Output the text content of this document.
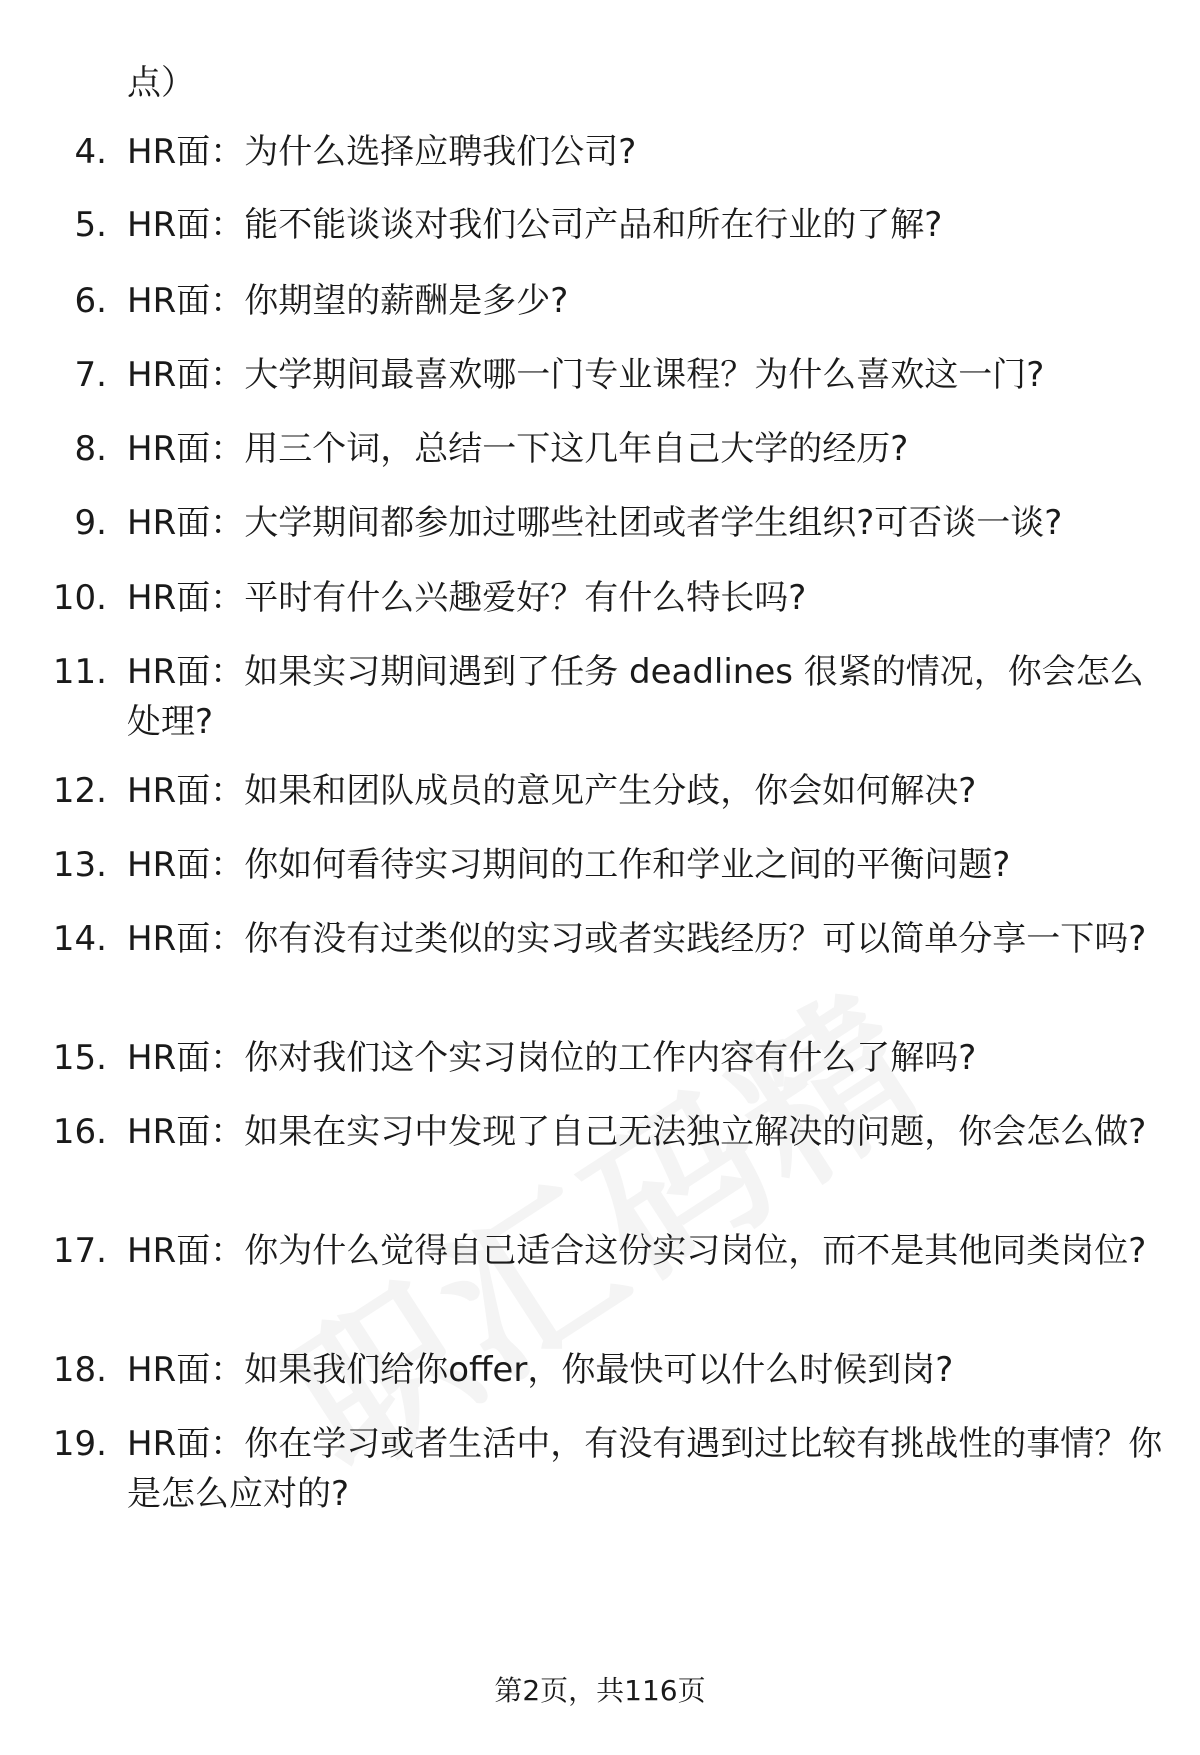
点）
4. HR面：为什么选择应聘我们公司?
5. HR面：能不能谈谈对我们公司产品和所在行业的了解?
6. HR面：你期望的薪酬是多少?
7. HR面：大学期间最喜欢哪一门专业课程？为什么喜欢这一门?
8. HR面：用三个词，总结一下这几年自己大学的经历?
9. HR面：大学期间都参加过哪些社团或者学生组织?可否谈一谈?
10. HR面：平时有什么兴趣爱好？有什么特长吗?
11. HR面：如果实习期间遇到了任务 deadlines 很紧的情况，你会怎么处理?
12. HR面：如果和团队成员的意见产生分歧，你会如何解决?
13. HR面：你如何看待实习期间的工作和学业之间的平衡问题?
14. HR面：你有没有过类似的实习或者实践经历？可以简单分享一下吗?
15. HR面：你对我们这个实习岗位的工作内容有什么了解吗?
16. HR面：如果在实习中发现了自己无法独立解决的问题，你会怎么做?
17. HR面：你为什么觉得自己适合这份实习岗位，而不是其他同类岗位?
18. HR面：如果我们给你offer，你最快可以什么时候到岗?
19. HR面：你在学习或者生活中，有没有遇到过比较有挑战性的事情？你是怎么应对的?
第2页，共116页
